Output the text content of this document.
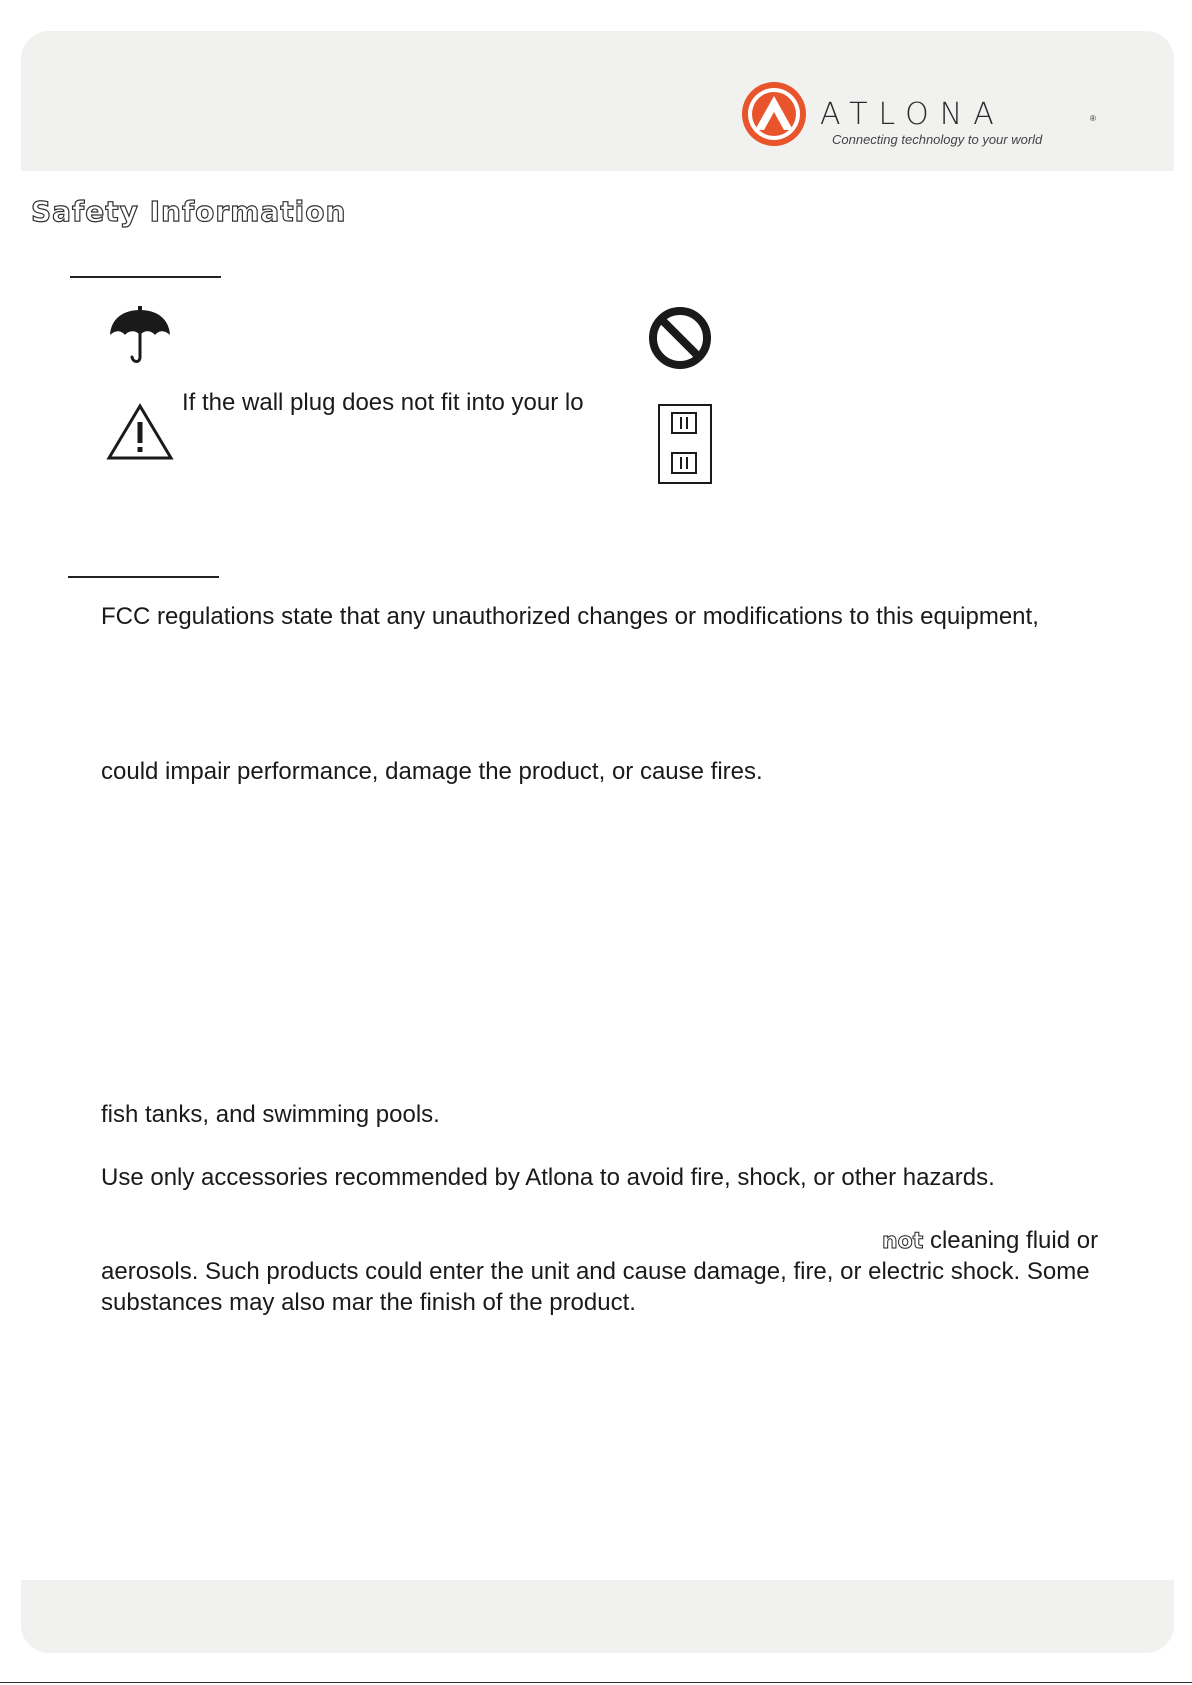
ATLONA	®

Connecting technology to your world

Safety Information

If the wall plug does not fit into your lo

FCC regulations state that any unauthorized changes or modifications to this equipment,

could impair performance, damage the product, or cause fires.

fish tanks, and swimming pools.

Use only accessories recommended by Atlona to avoid fire, shock, or other hazards.

not cleaning fluid or

aerosols. Such products could enter the unit and cause damage, fire, or electric shock. Some

substances may also mar the finish of the product.
